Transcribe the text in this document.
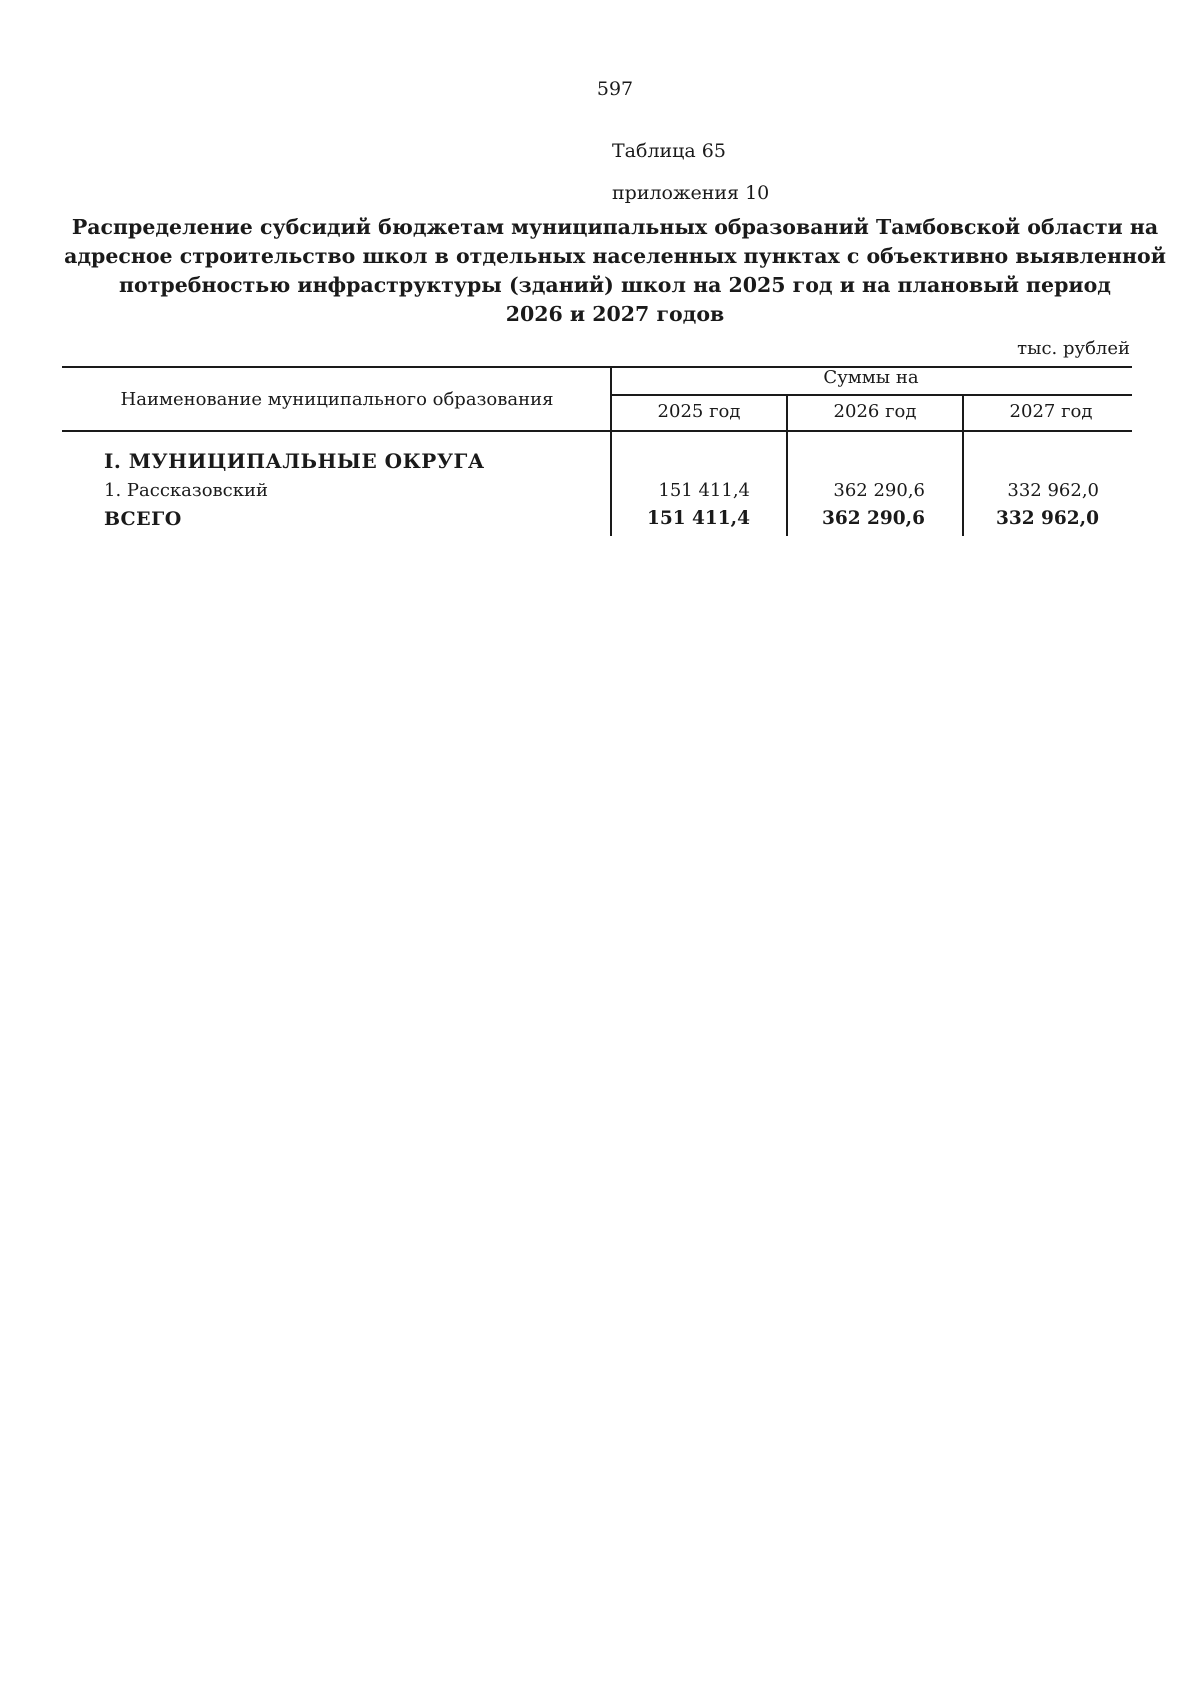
597
Таблица 65
приложения 10
Распределение субсидий бюджетам муниципальных образований Тамбовской области на
адресное строительство школ в отдельных населенных пунктах с объективно выявленной
потребностью инфраструктуры (зданий) школ на 2025 год и на плановый период
2026 и 2027 годов
тыс. рублей
Наименование муниципального образования
Суммы на
2025 год	2026 год	2027 год
I. МУНИЦИПАЛЬНЫЕ ОКРУГА
1. Рассказовский	151 411,4	362 290,6	332 962,0
ВСЕГО	151 411,4	362 290,6	332 962,0
